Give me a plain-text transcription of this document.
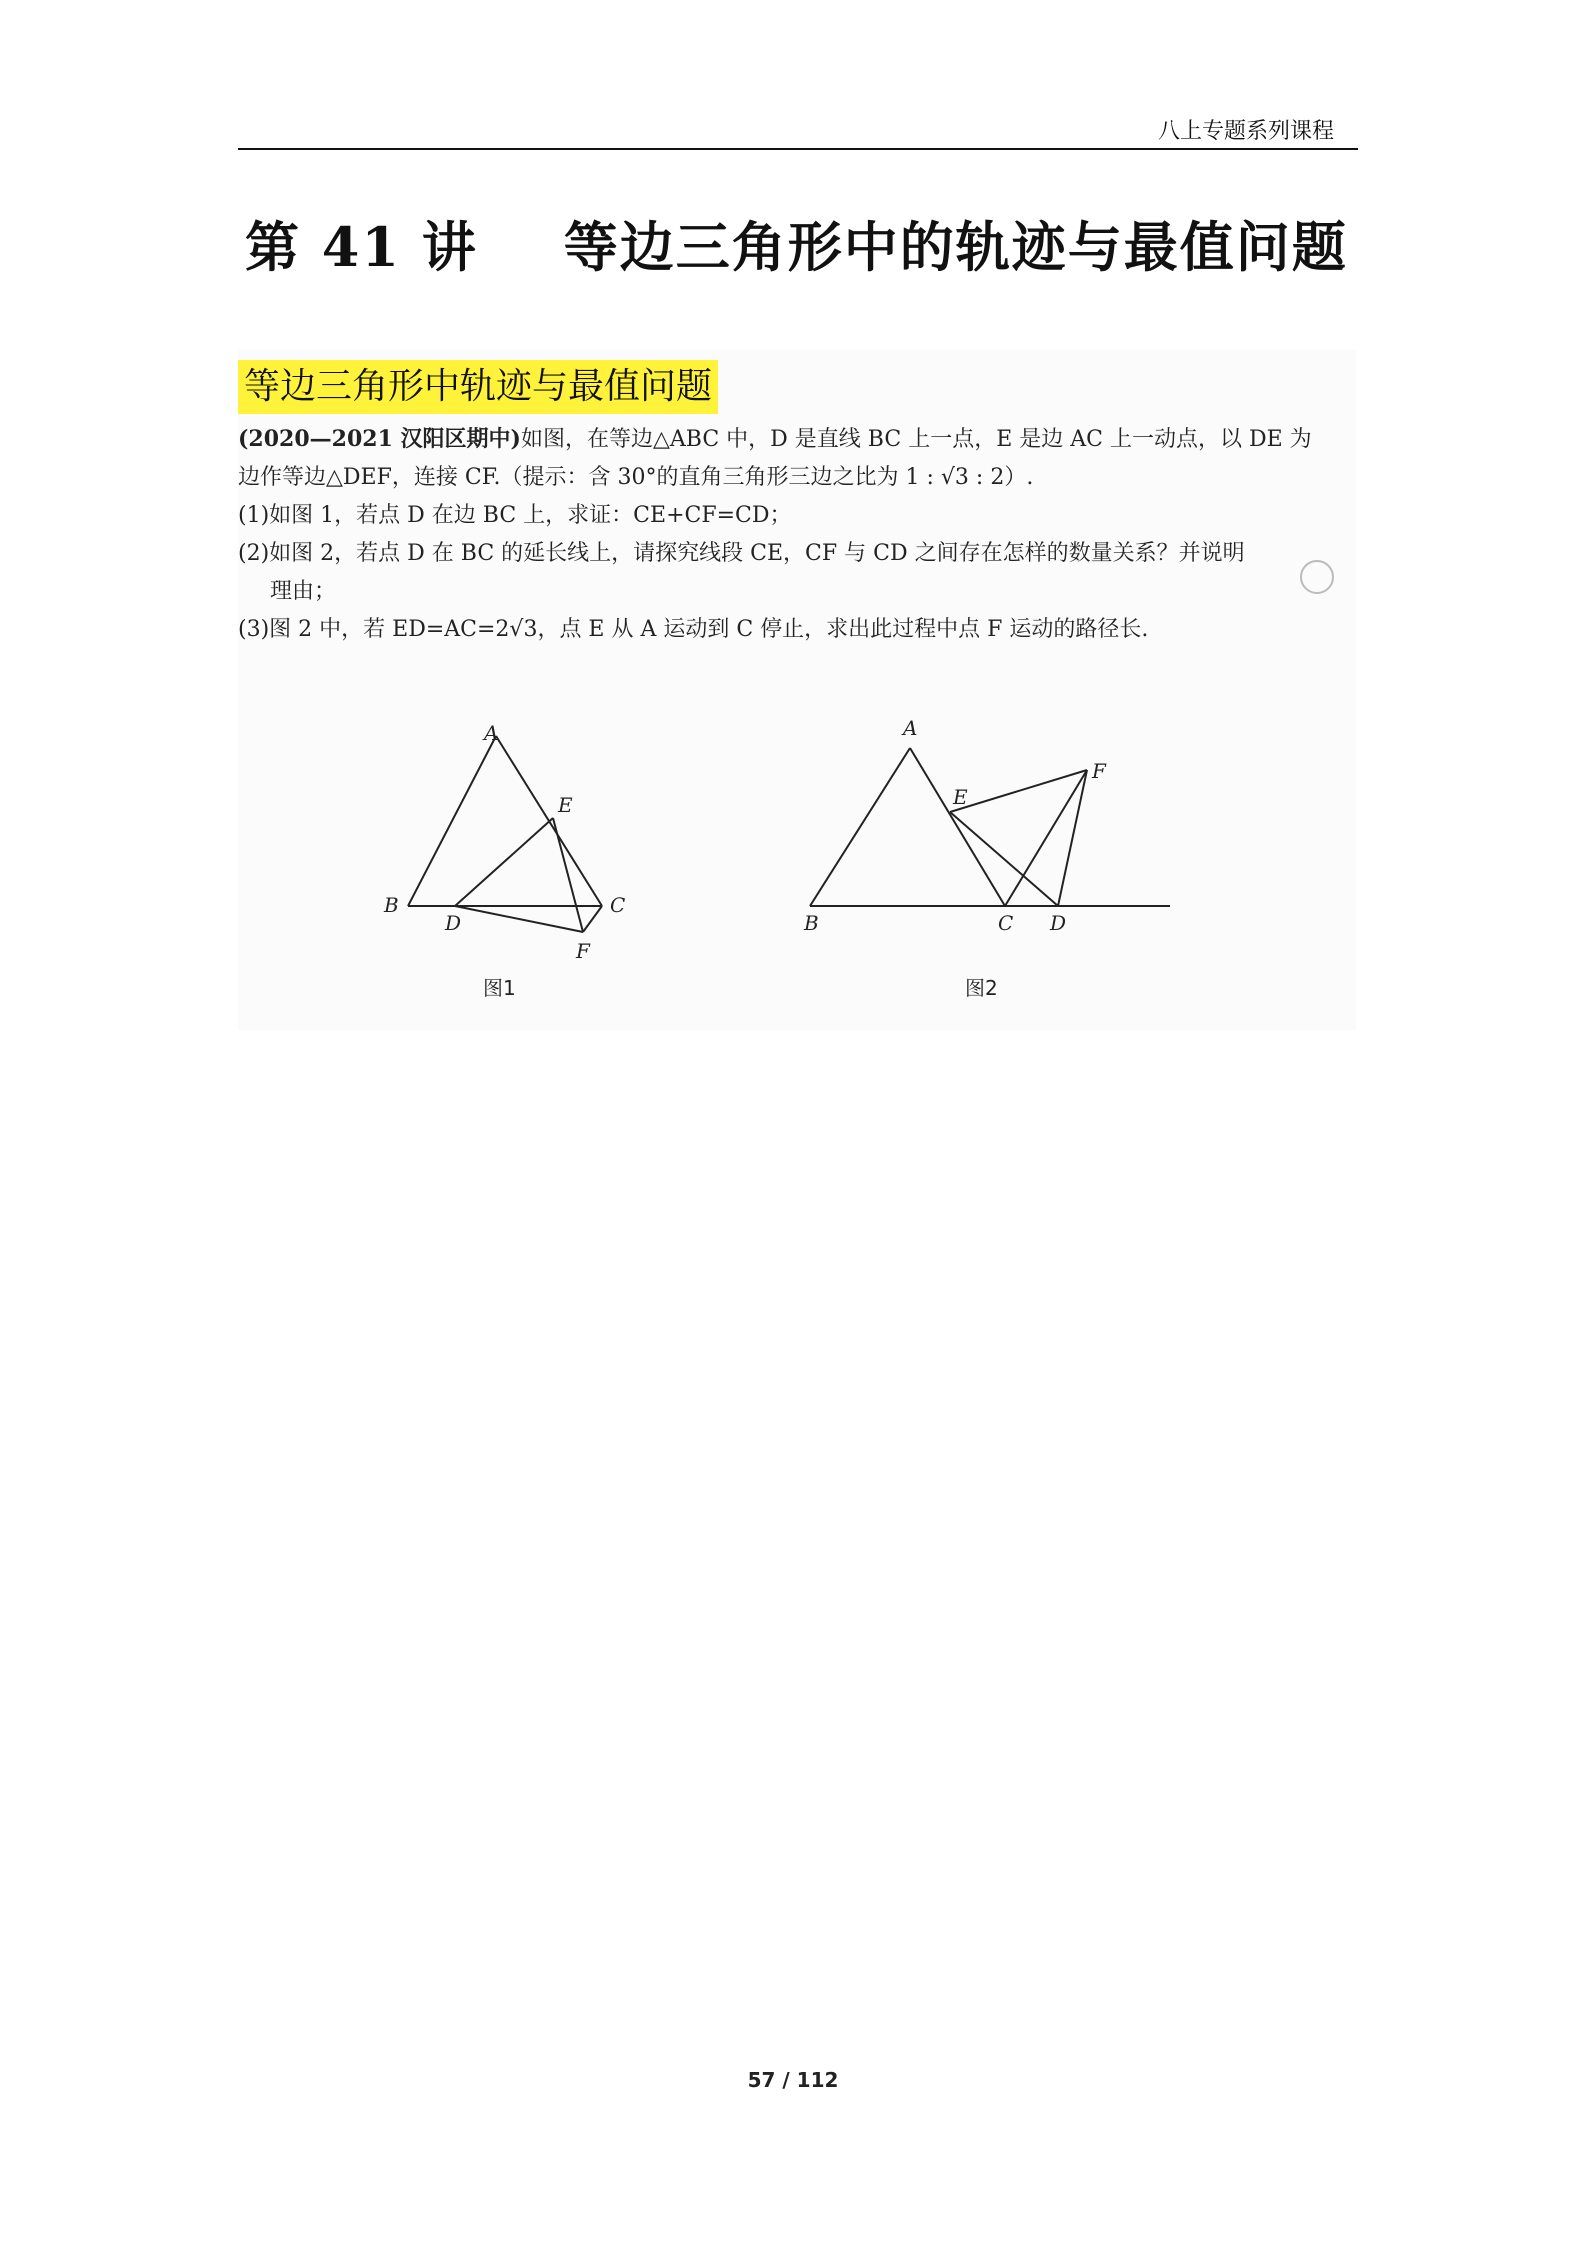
八上专题系列课程
第 41 讲 等边三角形中的轨迹与最值问题
等边三角形中轨迹与最值问题

(2020—2021 汉阳区期中)如图，在等边△ABC 中，D 是直线 BC 上一点，E 是边 AC 上一动点，以 DE 为

边作等边△DEF，连接 CF.（提示：含 30°的直角三角形三边之比为 1 : √3 : 2）.

(1)如图 1，若点 D 在边 BC 上，求证：CE+CF=CD；

(2)如图 2，若点 D 在 BC 的延长线上，请探究线段 CE，CF 与 CD 之间存在怎样的数量关系？并说明

理由；

(3)图 2 中，若 ED=AC=2√3，点 E 从 A 运动到 C 停止，求出此过程中点 F 运动的路径长.

A
B	C
D
E
F
图1
A
B	C D
E
F
图2
57 / 112
